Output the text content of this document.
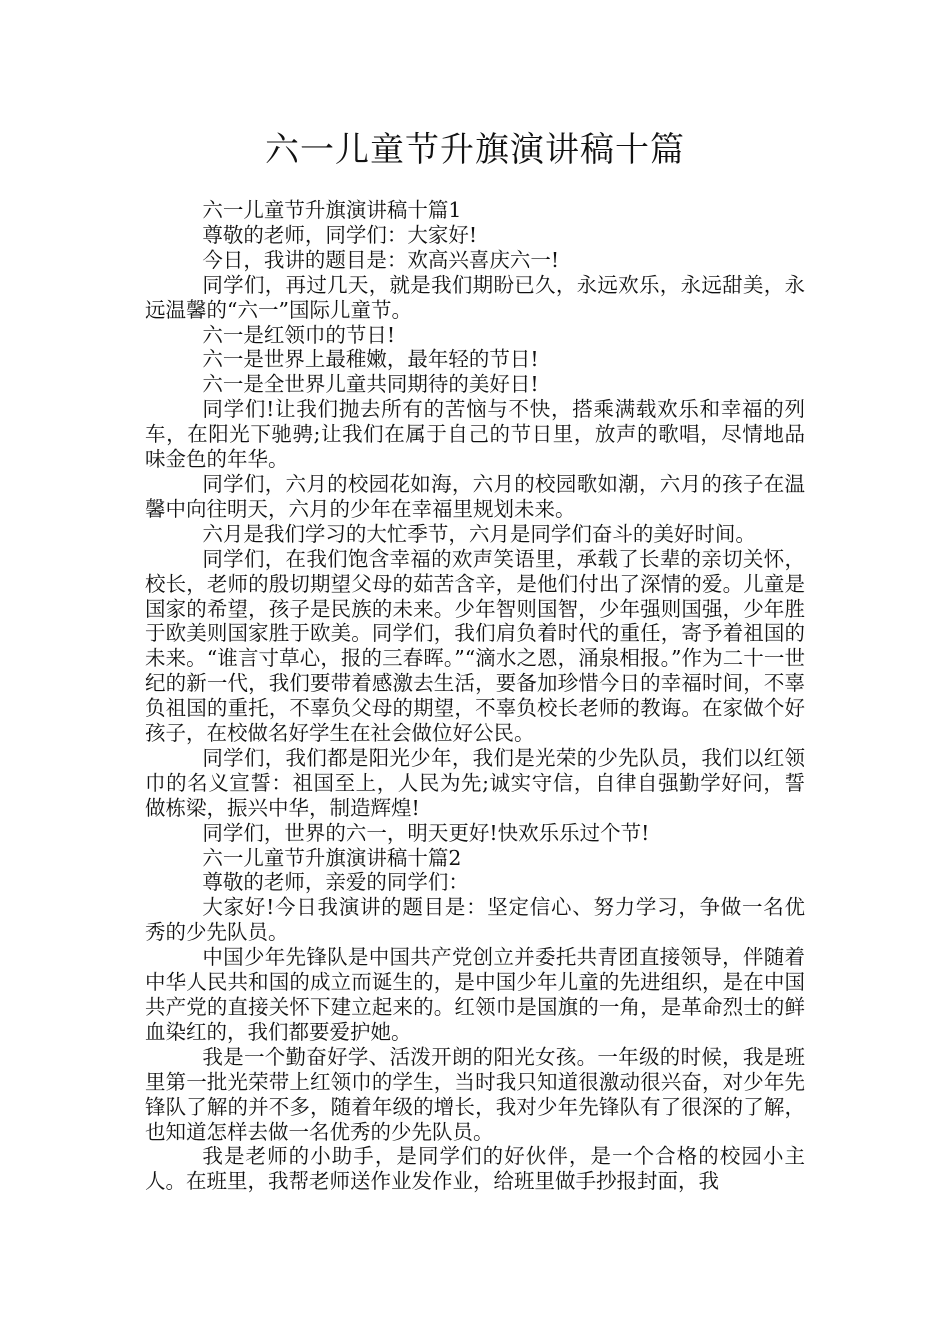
六一儿童节升旗演讲稿十篇

六一儿童节升旗演讲稿十篇1

尊敬的老师，同学们：大家好!

今日，我讲的题目是：欢高兴喜庆六一!

同学们，再过几天，就是我们期盼已久，永远欢乐，永远甜美，永远温馨的“六一”国际儿童节。

六一是红领巾的节日!

六一是世界上最稚嫩，最年轻的节日!

六一是全世界儿童共同期待的美好日!

同学们!让我们抛去所有的苦恼与不快，搭乘满载欢乐和幸福的列车，在阳光下驰骋;让我们在属于自己的节日里，放声的歌唱，尽情地品味金色的年华。

同学们，六月的校园花如海，六月的校园歌如潮，六月的孩子在温馨中向往明天，六月的少年在幸福里规划未来。

六月是我们学习的大忙季节，六月是同学们奋斗的美好时间。

同学们，在我们饱含幸福的欢声笑语里，承载了长辈的亲切关怀，校长，老师的殷切期望父母的茹苦含辛，是他们付出了深情的爱。儿童是国家的希望，孩子是民族的未来。少年智则国智，少年强则国强，少年胜于欧美则国家胜于欧美。同学们，我们肩负着时代的重任，寄予着祖国的未来。“谁言寸草心，报的三春晖。”“滴水之恩，涌泉相报。”作为二十一世纪的新一代，我们要带着感激去生活，要备加珍惜今日的幸福时间，不辜负祖国的重托，不辜负父母的期望，不辜负校长老师的教诲。在家做个好孩子，在校做名好学生在社会做位好公民。

同学们，我们都是阳光少年，我们是光荣的少先队员，我们以红领巾的名义宣誓：祖国至上，人民为先;诚实守信，自律自强勤学好问，誓做栋梁，振兴中华，制造辉煌!

同学们，世界的六一，明天更好!快欢乐乐过个节!

六一儿童节升旗演讲稿十篇2

尊敬的老师，亲爱的同学们：

大家好!今日我演讲的题目是：坚定信心、努力学习，争做一名优秀的少先队员。

中国少年先锋队是中国共产党创立并委托共青团直接领导，伴随着中华人民共和国的成立而诞生的，是中国少年儿童的先进组织，是在中国共产党的直接关怀下建立起来的。红领巾是国旗的一角，是革命烈士的鲜血染红的，我们都要爱护她。

我是一个勤奋好学、活泼开朗的阳光女孩。一年级的时候，我是班里第一批光荣带上红领巾的学生，当时我只知道很激动很兴奋，对少年先锋队了解的并不多，随着年级的增长，我对少年先锋队有了很深的了解，也知道怎样去做一名优秀的少先队员。

我是老师的小助手，是同学们的好伙伴，是一个合格的校园小主人。在班里，我帮老师送作业发作业，给班里做手抄报封面，我
